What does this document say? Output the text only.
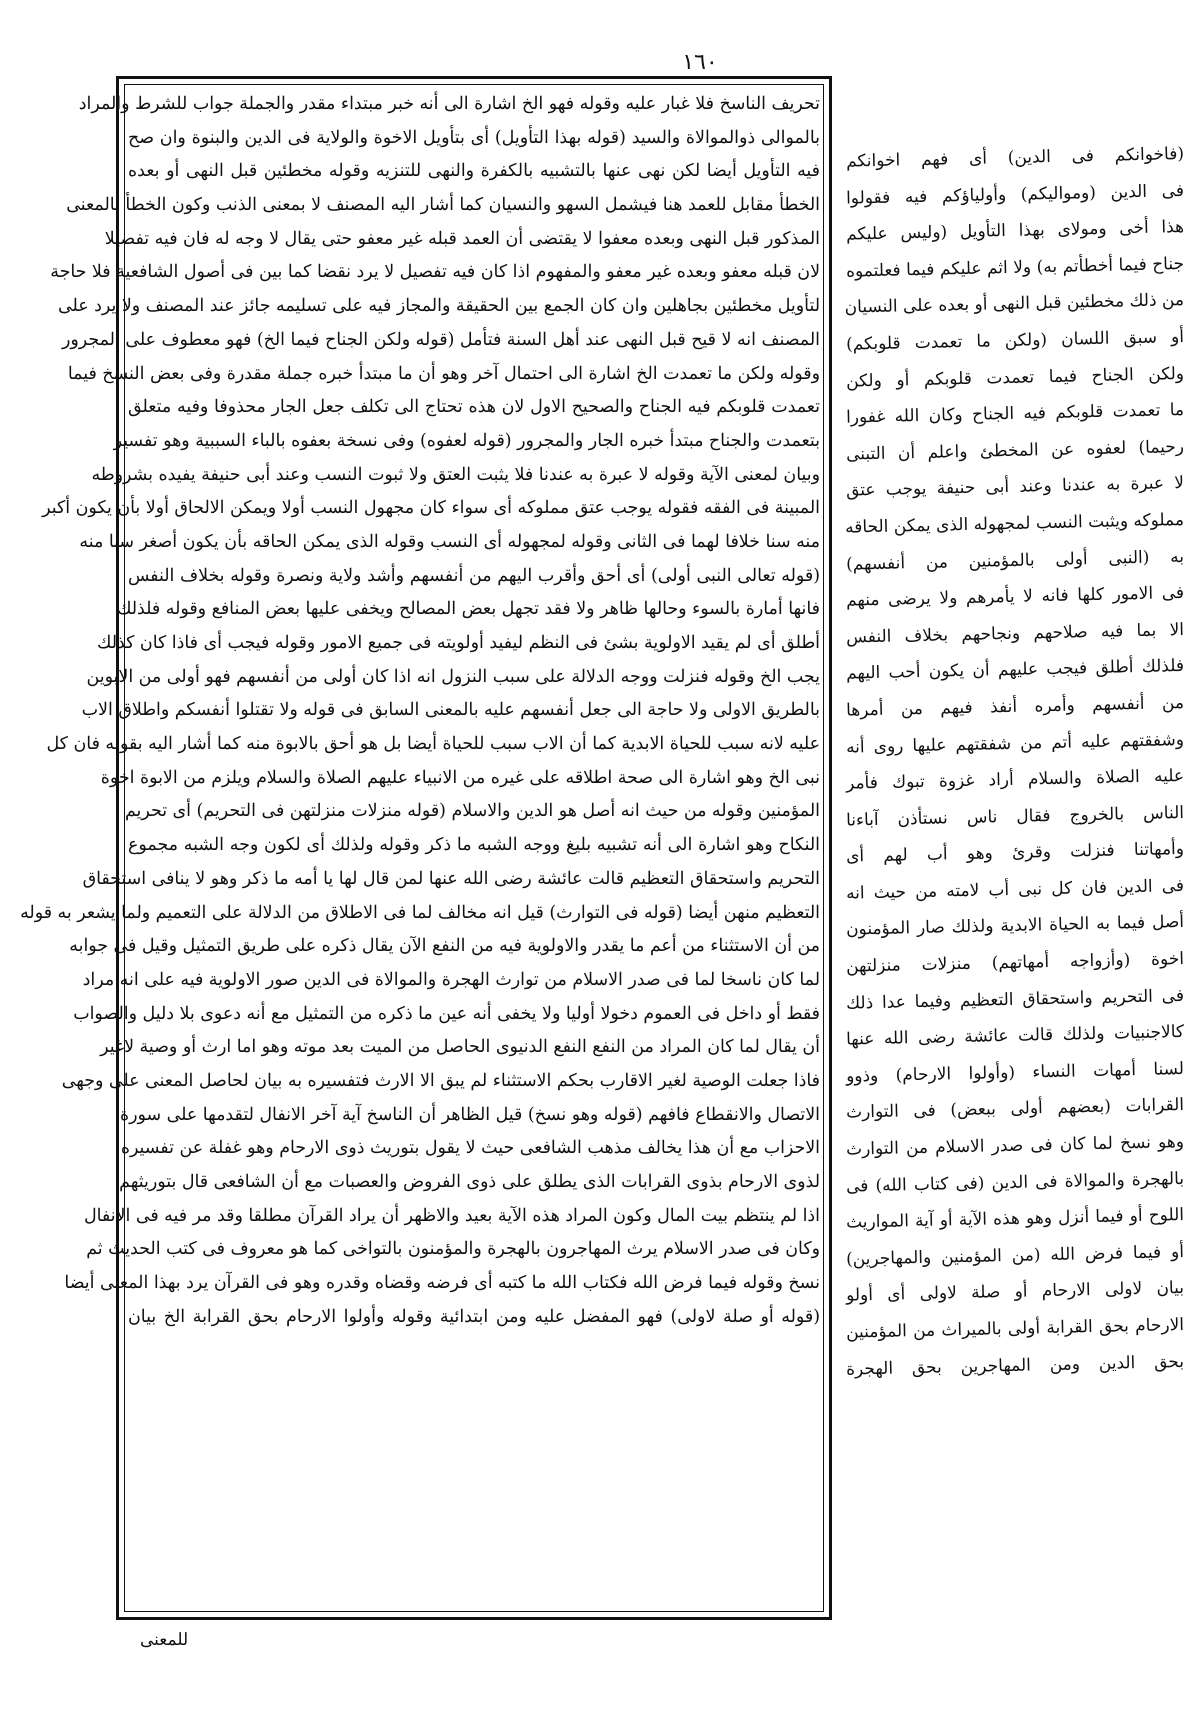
١٦٠
تحريف الناسخ فلا غبار عليه وقوله فهو الخ اشارة الى أنه خبر مبتداء مقدر والجملة جواب للشرط والمراد
بالموالى ذوالموالاة والسيد (قوله بهذا التأويل) أى بتأويل الاخوة والولاية فى الدين والبنوة وان صح
فيه التأويل أيضا لكن نهى عنها بالتشبيه بالكفرة والنهى للتنزيه وقوله مخطئين قبل النهى أو بعده
الخطأ مقابل للعمد هنا فيشمل السهو والنسيان كما أشار اليه المصنف لا بمعنى الذنب وكون الخطأ بالمعنى
المذكور قبل النهى وبعده معفوا لا يقتضى أن العمد قبله غير معفو حتى يقال لا وجه له فان فيه تفصيلا
لان قبله معفو وبعده غير معفو والمفهوم اذا كان فيه تفصيل لا يرد نقضا كما بين فى أصول الشافعية فلا حاجة
لتأويل مخطئين بجاهلين وان كان الجمع بين الحقيقة والمجاز فيه على تسليمه جائز عند المصنف ولا يرد على
المصنف انه لا قيح قبل النهى عند أهل السنة فتأمل (قوله ولكن الجناح فيما الخ) فهو معطوف على المجرور
وقوله ولكن ما تعمدت الخ اشارة الى احتمال آخر وهو أن ما مبتدأ خبره جملة مقدرة وفى بعض النسخ فيما
تعمدت قلوبكم فيه الجناح والصحيح الاول لان هذه تحتاج الى تكلف جعل الجار محذوفا وفيه متعلق
بتعمدت والجناح مبتدأ خبره الجار والمجرور (قوله لعفوه) وفى نسخة بعفوه بالباء السببية وهو تفسير
وبيان لمعنى الآية وقوله لا عبرة به عندنا فلا يثبت العتق ولا ثبوت النسب وعند أبى حنيفة يفيده بشروطه
المبينة فى الفقه فقوله يوجب عتق مملوكه أى سواء كان مجهول النسب أولا ويمكن الالحاق أولا بأن يكون أكبر
منه سنا خلافا لهما فى الثانى وقوله لمجهوله أى النسب وقوله الذى يمكن الحاقه بأن يكون أصغر سنا منه
(قوله تعالى النبى أولى) أى أحق وأقرب اليهم من أنفسهم وأشد ولاية ونصرة وقوله بخلاف النفس
فانها أمارة بالسوء وحالها ظاهر ولا فقد تجهل بعض المصالح ويخفى عليها بعض المنافع وقوله فلذلك
أطلق أى لم يقيد الاولوية بشئ فى النظم ليفيد أولويته فى جميع الامور وقوله فيجب أى فاذا كان كذلك
يجب الخ وقوله فنزلت ووجه الدلالة على سبب النزول انه اذا كان أولى من أنفسهم فهو أولى من الابوين
بالطريق الاولى ولا حاجة الى جعل أنفسهم عليه بالمعنى السابق فى قوله ولا تقتلوا أنفسكم واطلاق الاب
عليه لانه سبب للحياة الابدية كما أن الاب سبب للحياة أيضا بل هو أحق بالابوة منه كما أشار اليه بقوله فان كل
نبى الخ وهو اشارة الى صحة اطلاقه على غيره من الانبياء عليهم الصلاة والسلام ويلزم من الابوة اخوة
المؤمنين وقوله من حيث انه أصل هو الدين والاسلام (قوله منزلات منزلتهن فى التحريم) أى تحريم
النكاح وهو اشارة الى أنه تشبيه بليغ ووجه الشبه ما ذكر وقوله ولذلك أى لكون وجه الشبه مجموع
التحريم واستحقاق التعظيم قالت عائشة رضى الله عنها لمن قال لها يا أمه ما ذكر وهو لا ينافى استحقاق
التعظيم منهن أيضا (قوله فى التوارث) قيل انه مخالف لما فى الاطلاق من الدلالة على التعميم ولما يشعر به قوله
من أن الاستثناء من أعم ما يقدر والاولوية فيه من النفع الآن يقال ذكره على طريق التمثيل وقيل فى جوابه
لما كان ناسخا لما فى صدر الاسلام من توارث الهجرة والموالاة فى الدين صور الاولوية فيه على انه مراد
فقط أو داخل فى العموم دخولا أوليا ولا يخفى أنه عين ما ذكره من التمثيل مع أنه دعوى بلا دليل والصواب
أن يقال لما كان المراد من النفع النفع الدنيوى الحاصل من الميت بعد موته وهو اما ارث أو وصية لاغير
فاذا جعلت الوصية لغير الاقارب بحكم الاستثناء لم يبق الا الارث فتفسيره به بيان لحاصل المعنى على وجهى
الاتصال والانقطاع فافهم (قوله وهو نسخ) قيل الظاهر أن الناسخ آية آخر الانفال لتقدمها على سورة
الاحزاب مع أن هذا يخالف مذهب الشافعى حيث لا يقول بتوريث ذوى الارحام وهو غفلة عن تفسيره
لذوى الارحام بذوى القرابات الذى يطلق على ذوى الفروض والعصبات مع أن الشافعى قال بتوريثهم
اذا لم ينتظم بيت المال وكون المراد هذه الآية بعيد والاظهر أن يراد القرآن مطلقا وقد مر فيه فى الانفال
وكان فى صدر الاسلام يرث المهاجرون بالهجرة والمؤمنون بالتواخى كما هو معروف فى كتب الحديث ثم
نسخ وقوله فيما فرض الله فكتاب الله ما كتبه أى فرضه وقضاه وقدره وهو فى القرآن يرد بهذا المعنى أيضا
(قوله أو صلة لاولى) فهو المفضل عليه ومن ابتدائية وقوله وأولوا الارحام بحق القرابة الخ بيان
(فاخوانكم فى الدين) أى فهم اخوانكم
فى الدين (ومواليكم) وأولياؤكم فيه فقولوا
هذا أخى ومولاى بهذا التأويل (وليس عليكم
جناح فيما أخطأتم به) ولا اثم عليكم فيما فعلتموه
من ذلك مخطئين قبل النهى أو بعده على النسيان
أو سبق اللسان (ولكن ما تعمدت قلوبكم)
ولكن الجناح فيما تعمدت قلوبكم أو ولكن
ما تعمدت قلوبكم فيه الجناح وكان الله غفورا
رحيما) لعفوه عن المخطئ واعلم أن التبنى
لا عبرة به عندنا وعند أبى حنيفة يوجب عتق
مملوكه ويثبت النسب لمجهوله الذى يمكن الحاقه
به (النبى أولى بالمؤمنين من أنفسهم)
فى الامور كلها فانه لا يأمرهم ولا يرضى منهم
الا بما فيه صلاحهم ونجاحهم بخلاف النفس
فلذلك أطلق فيجب عليهم أن يكون أحب اليهم
من أنفسهم وأمره أنفذ فيهم من أمرها
وشفقتهم عليه أتم من شفقتهم عليها روى أنه
عليه الصلاة والسلام أراد غزوة تبوك فأمر
الناس بالخروج فقال ناس نستأذن آباءنا
وأمهاتنا فنزلت وقرئ وهو أب لهم أى
فى الدين فان كل نبى أب لامته من حيث انه
أصل فيما به الحياة الابدية ولذلك صار المؤمنون
اخوة (وأزواجه أمهاتهم) منزلات منزلتهن
فى التحريم واستحقاق التعظيم وفيما عدا ذلك
كالاجنبيات ولذلك قالت عائشة رضى الله عنها
لسنا أمهات النساء (وأولوا الارحام) وذوو
القرابات (بعضهم أولى ببعض) فى التوارث
وهو نسخ لما كان فى صدر الاسلام من التوارث
بالهجرة والموالاة فى الدين (فى كتاب الله) فى
اللوح أو فيما أنزل وهو هذه الآية أو آية المواريث
أو فيما فرض الله (من المؤمنين والمهاجرين)
بيان لاولى الارحام أو صلة لاولى أى أولو
الارحام بحق القرابة أولى بالميراث من المؤمنين
بحق الدين ومن المهاجرين بحق الهجرة
للمعنى
